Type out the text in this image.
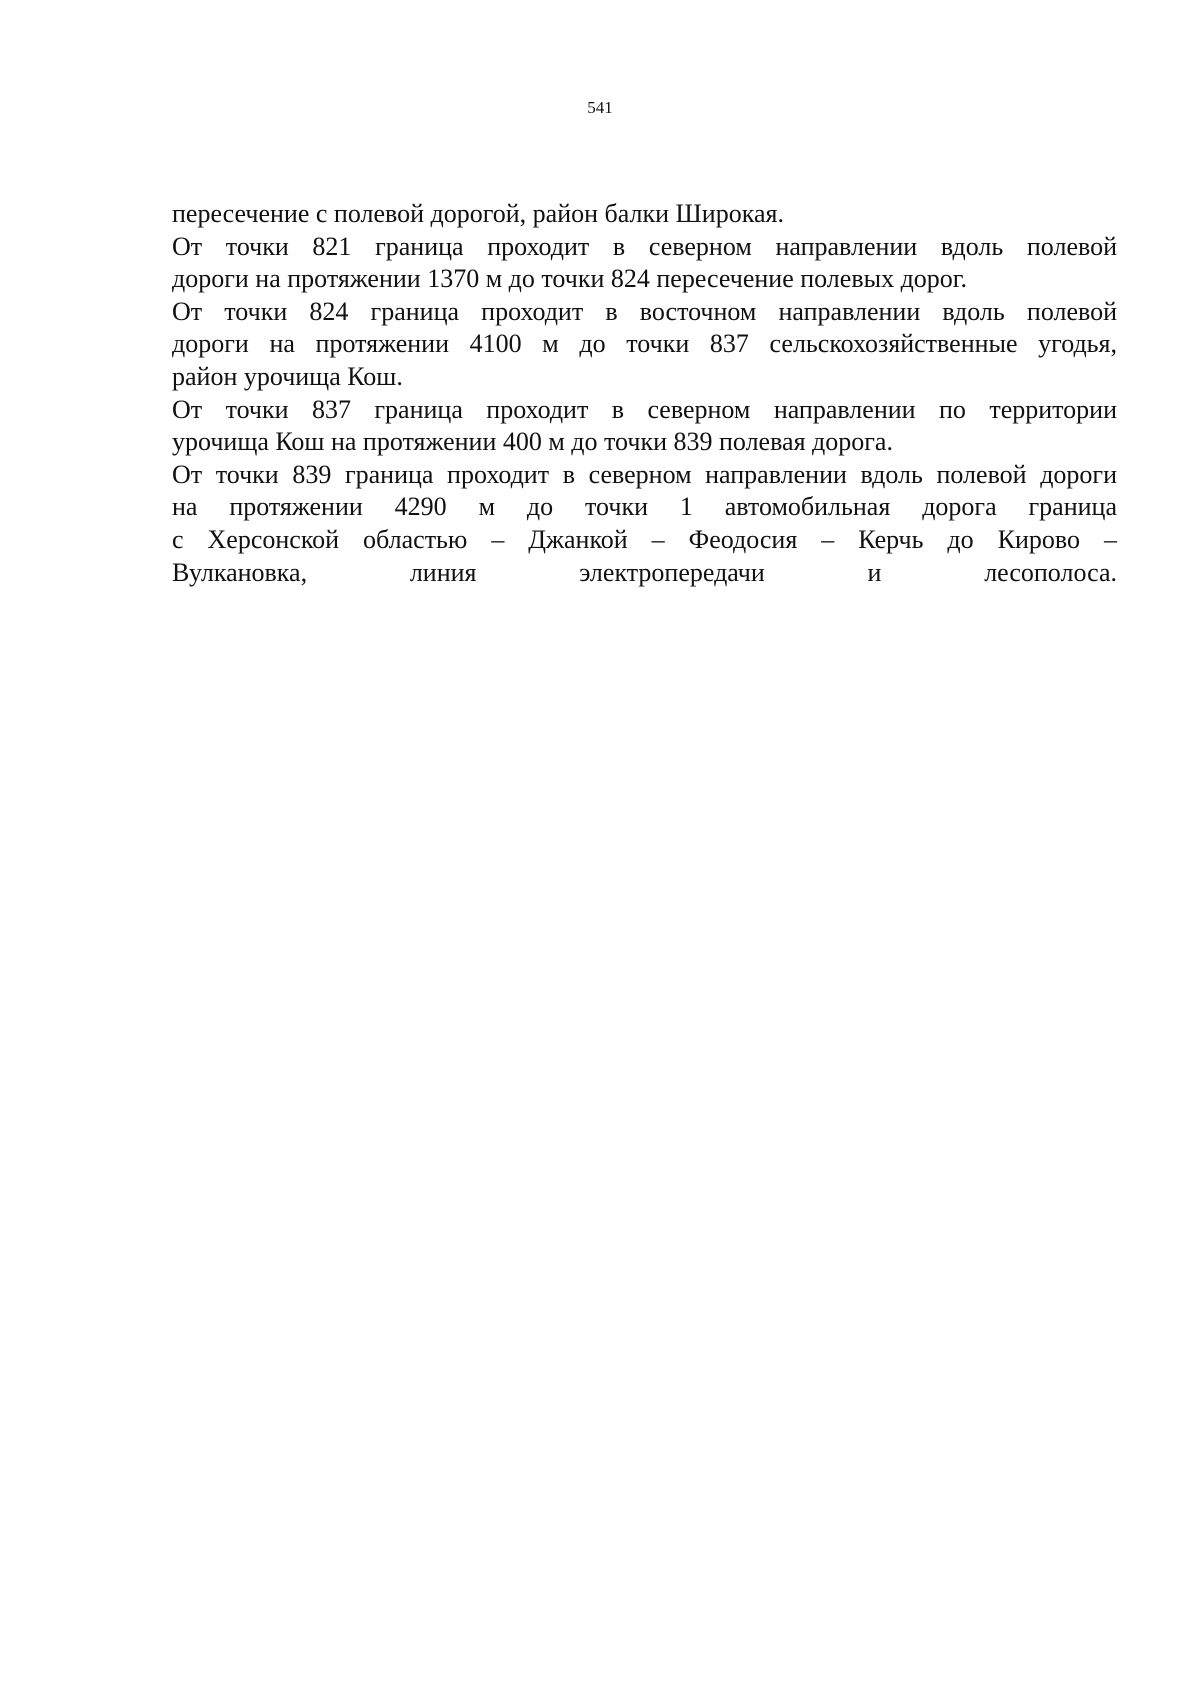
541
пересечение с полевой дорогой, район балки Широкая.
От точки 821 граница проходит в северном направлении вдоль полевой
дороги на протяжении 1370 м до точки 824 пересечение полевых дорог.
От точки 824 граница проходит в восточном направлении вдоль полевой
дороги на протяжении 4100 м до точки 837 сельскохозяйственные угодья,
район урочища Кош.
От точки 837 граница проходит в северном направлении по территории
урочища Кош на протяжении 400 м до точки 839 полевая дорога.
От точки 839 граница проходит в северном направлении вдоль полевой дороги
на протяжении 4290 м до точки 1 автомобильная дорога граница
с Херсонской областью – Джанкой – Феодосия – Керчь до Кирово –
Вулкановка, линия электропередачи и лесополоса.
